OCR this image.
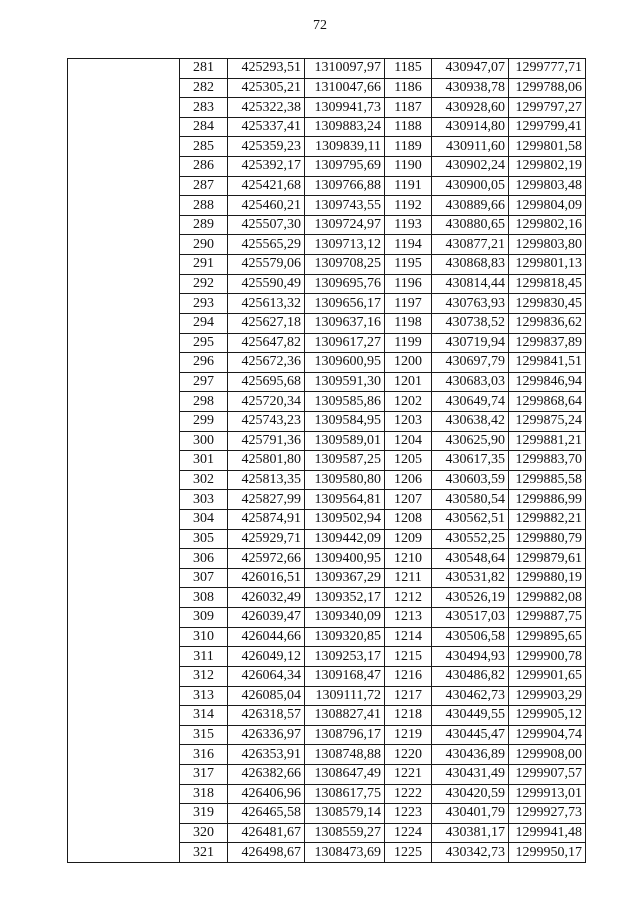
72
	281	425293,51	1310097,97	1185	430947,07	1299777,71
	282	425305,21	1310047,66	1186	430938,78	1299788,06
	283	425322,38	1309941,73	1187	430928,60	1299797,27
	284	425337,41	1309883,24	1188	430914,80	1299799,41
	285	425359,23	1309839,11	1189	430911,60	1299801,58
	286	425392,17	1309795,69	1190	430902,24	1299802,19
	287	425421,68	1309766,88	1191	430900,05	1299803,48
	288	425460,21	1309743,55	1192	430889,66	1299804,09
	289	425507,30	1309724,97	1193	430880,65	1299802,16
	290	425565,29	1309713,12	1194	430877,21	1299803,80
	291	425579,06	1309708,25	1195	430868,83	1299801,13
	292	425590,49	1309695,76	1196	430814,44	1299818,45
	293	425613,32	1309656,17	1197	430763,93	1299830,45
	294	425627,18	1309637,16	1198	430738,52	1299836,62
	295	425647,82	1309617,27	1199	430719,94	1299837,89
	296	425672,36	1309600,95	1200	430697,79	1299841,51
	297	425695,68	1309591,30	1201	430683,03	1299846,94
	298	425720,34	1309585,86	1202	430649,74	1299868,64
	299	425743,23	1309584,95	1203	430638,42	1299875,24
	300	425791,36	1309589,01	1204	430625,90	1299881,21
	301	425801,80	1309587,25	1205	430617,35	1299883,70
	302	425813,35	1309580,80	1206	430603,59	1299885,58
	303	425827,99	1309564,81	1207	430580,54	1299886,99
	304	425874,91	1309502,94	1208	430562,51	1299882,21
	305	425929,71	1309442,09	1209	430552,25	1299880,79
	306	425972,66	1309400,95	1210	430548,64	1299879,61
	307	426016,51	1309367,29	1211	430531,82	1299880,19
	308	426032,49	1309352,17	1212	430526,19	1299882,08
	309	426039,47	1309340,09	1213	430517,03	1299887,75
	310	426044,66	1309320,85	1214	430506,58	1299895,65
	311	426049,12	1309253,17	1215	430494,93	1299900,78
	312	426064,34	1309168,47	1216	430486,82	1299901,65
	313	426085,04	1309111,72	1217	430462,73	1299903,29
	314	426318,57	1308827,41	1218	430449,55	1299905,12
	315	426336,97	1308796,17	1219	430445,47	1299904,74
	316	426353,91	1308748,88	1220	430436,89	1299908,00
	317	426382,66	1308647,49	1221	430431,49	1299907,57
	318	426406,96	1308617,75	1222	430420,59	1299913,01
	319	426465,58	1308579,14	1223	430401,79	1299927,73
	320	426481,67	1308559,27	1224	430381,17	1299941,48
	321	426498,67	1308473,69	1225	430342,73	1299950,17
